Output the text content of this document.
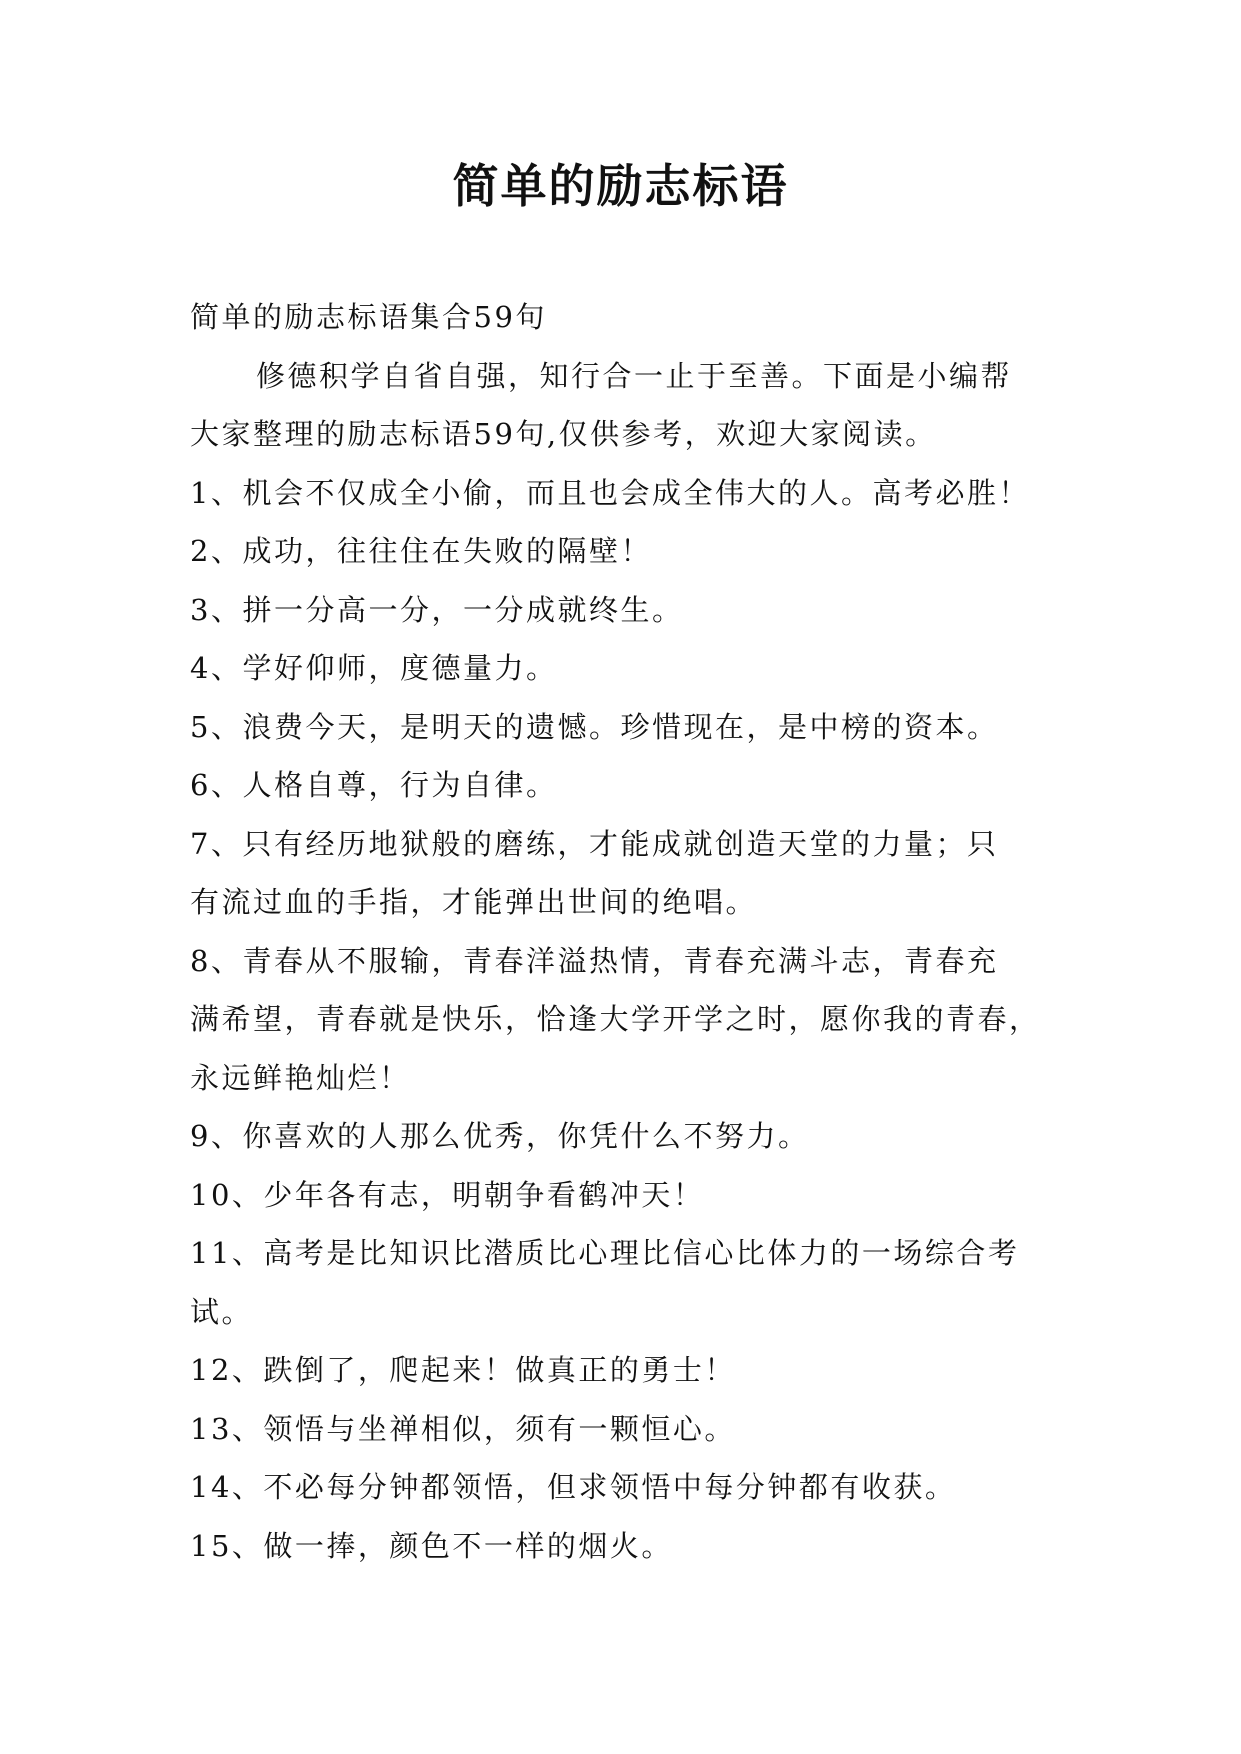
简单的励志标语
简单的励志标语集合59句
修德积学自省自强，知行合一止于至善。下面是小编帮
大家整理的励志标语59句,仅供参考，欢迎大家阅读。
1、机会不仅成全小偷，而且也会成全伟大的人。高考必胜！
2、成功，往往住在失败的隔壁！
3、拼一分高一分，一分成就终生。
4、学好仰师，度德量力。
5、浪费今天，是明天的遗憾。珍惜现在，是中榜的资本。
6、人格自尊，行为自律。
7、只有经历地狱般的磨练，才能成就创造天堂的力量；只
有流过血的手指，才能弹出世间的绝唱。
8、青春从不服输，青春洋溢热情，青春充满斗志，青春充
满希望，青春就是快乐，恰逢大学开学之时，愿你我的青春，
永远鲜艳灿烂！
9、你喜欢的人那么优秀，你凭什么不努力。
10、少年各有志，明朝争看鹤冲天！
11、高考是比知识比潜质比心理比信心比体力的一场综合考
试。
12、跌倒了，爬起来！做真正的勇士！
13、领悟与坐禅相似，须有一颗恒心。
14、不必每分钟都领悟，但求领悟中每分钟都有收获。
15、做一捧，颜色不一样的烟火。
